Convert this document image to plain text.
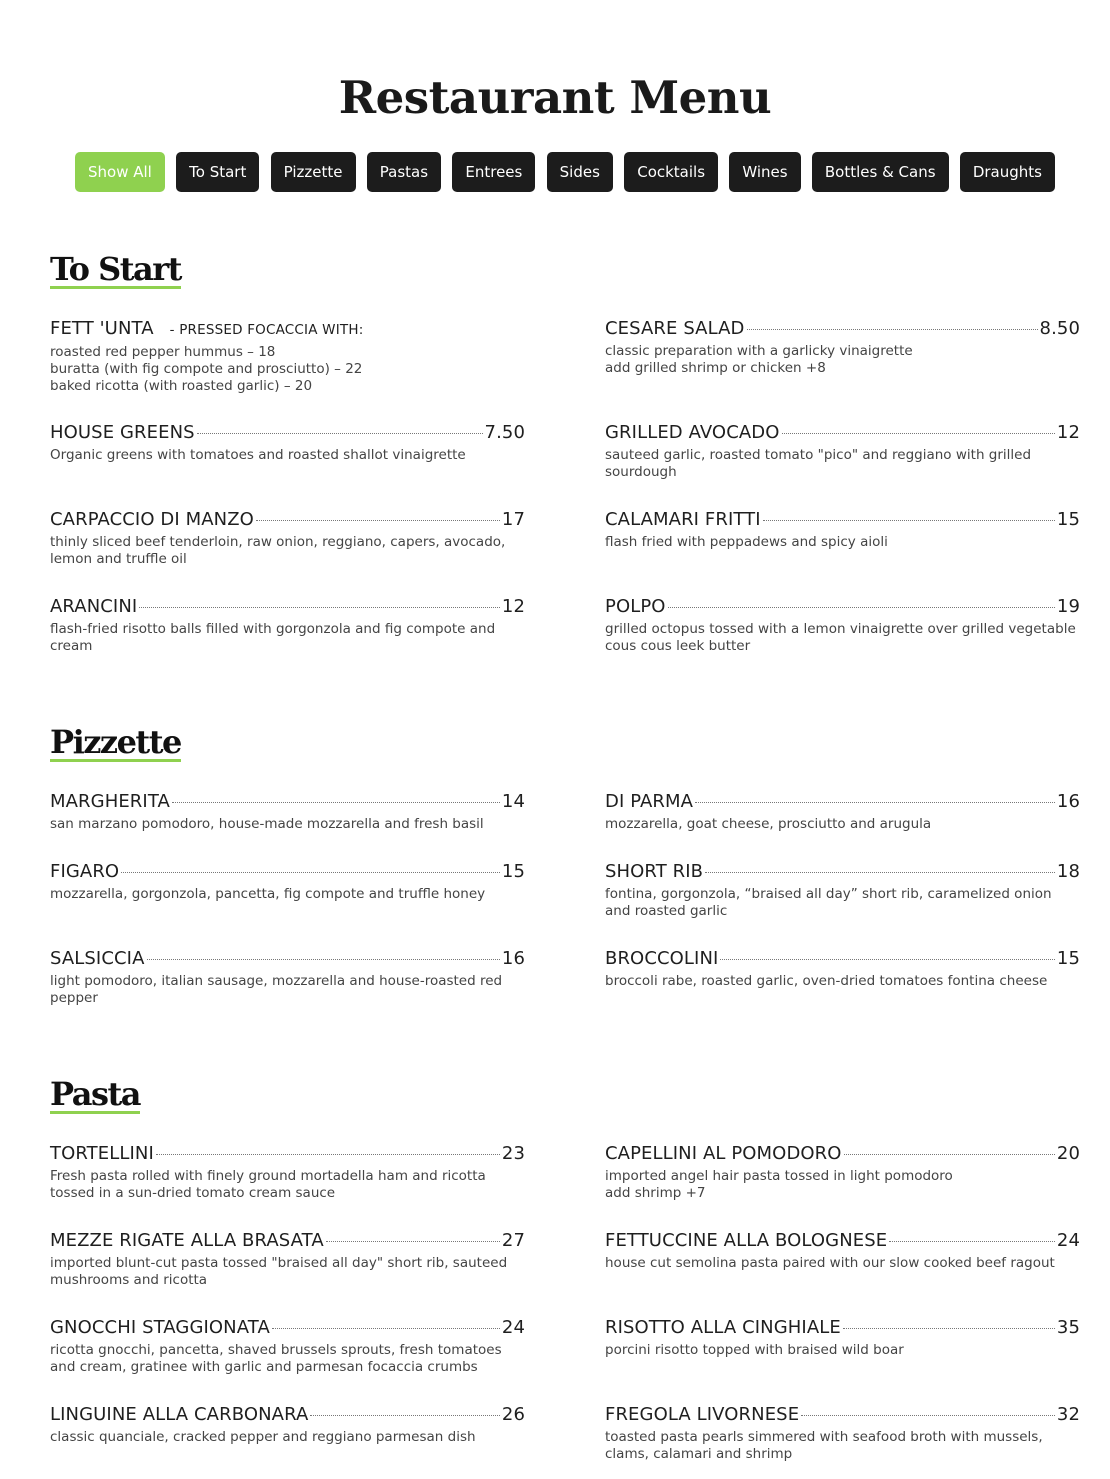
Restaurant Menu
Show All	To Start	Pizzette	Pastas	Entrees	Sides	Cocktails	Wines	Bottles & Cans	Draughts
To Start
FETT 'UNTA - PRESSED FOCACCIA WITH:
roasted red pepper hummus – 18
buratta (with fig compote and prosciutto) – 22
baked ricotta (with roasted garlic) – 20
CESARE SALAD	8.50
classic preparation with a garlicky vinaigrette
add grilled shrimp or chicken +8
HOUSE GREENS	7.50
Organic greens with tomatoes and roasted shallot vinaigrette
GRILLED AVOCADO	12
sauteed garlic, roasted tomato "pico" and reggiano with grilled sourdough
CARPACCIO DI MANZO	17
thinly sliced beef tenderloin, raw onion, reggiano, capers, avocado, lemon and truffle oil
CALAMARI FRITTI	15
flash fried with peppadews and spicy aioli
ARANCINI	12
flash-fried risotto balls filled with gorgonzola and fig compote and cream
POLPO	19
grilled octopus tossed with a lemon vinaigrette over grilled vegetable cous cous leek butter
Pizzette
MARGHERITA	14
san marzano pomodoro, house-made mozzarella and fresh basil
DI PARMA	16
mozzarella, goat cheese, prosciutto and arugula
FIGARO	15
mozzarella, gorgonzola, pancetta, fig compote and truffle honey
SHORT RIB	18
fontina, gorgonzola, “braised all day” short rib, caramelized onion and roasted garlic
SALSICCIA	16
light pomodoro, italian sausage, mozzarella and house-roasted red pepper
BROCCOLINI	15
broccoli rabe, roasted garlic, oven-dried tomatoes fontina cheese
Pasta
TORTELLINI	23
Fresh pasta rolled with finely ground mortadella ham and ricotta tossed in a sun-dried tomato cream sauce
CAPELLINI AL POMODORO	20
imported angel hair pasta tossed in light pomodoro
add shrimp +7
MEZZE RIGATE ALLA BRASATA	27
imported blunt-cut pasta tossed "braised all day" short rib, sauteed mushrooms and ricotta
FETTUCCINE ALLA BOLOGNESE	24
house cut semolina pasta paired with our slow cooked beef ragout
GNOCCHI STAGGIONATA	24
ricotta gnocchi, pancetta, shaved brussels sprouts, fresh tomatoes and cream, gratinee with garlic and parmesan focaccia crumbs
RISOTTO ALLA CINGHIALE	35
porcini risotto topped with braised wild boar
LINGUINE ALLA CARBONARA	26
classic quanciale, cracked pepper and reggiano parmesan dish
FREGOLA LIVORNESE	32
toasted pasta pearls simmered with seafood broth with mussels, clams, calamari and shrimp
